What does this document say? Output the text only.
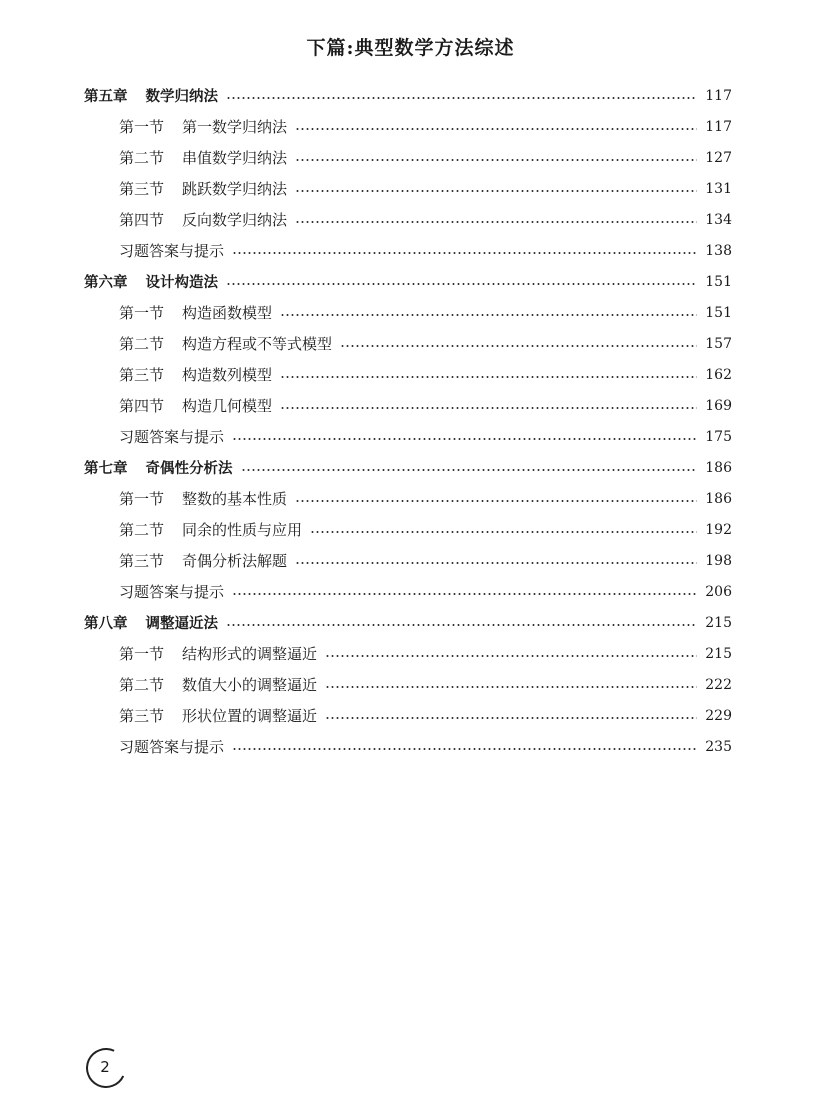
下篇:典型数学方法综述
第五章 数学归纳法	117
第一节 第一数学归纳法	117
第二节 串值数学归纳法	127
第三节 跳跃数学归纳法	131
第四节 反向数学归纳法	134
习题答案与提示	138
第六章 设计构造法	151
第一节 构造函数模型	151
第二节 构造方程或不等式模型	157
第三节 构造数列模型	162
第四节 构造几何模型	169
习题答案与提示	175
第七章 奇偶性分析法	186
第一节 整数的基本性质	186
第二节 同余的性质与应用	192
第三节 奇偶分析法解题	198
习题答案与提示	206
第八章 调整逼近法	215
第一节 结构形式的调整逼近	215
第二节 数值大小的调整逼近	222
第三节 形状位置的调整逼近	229
习题答案与提示	235
2
